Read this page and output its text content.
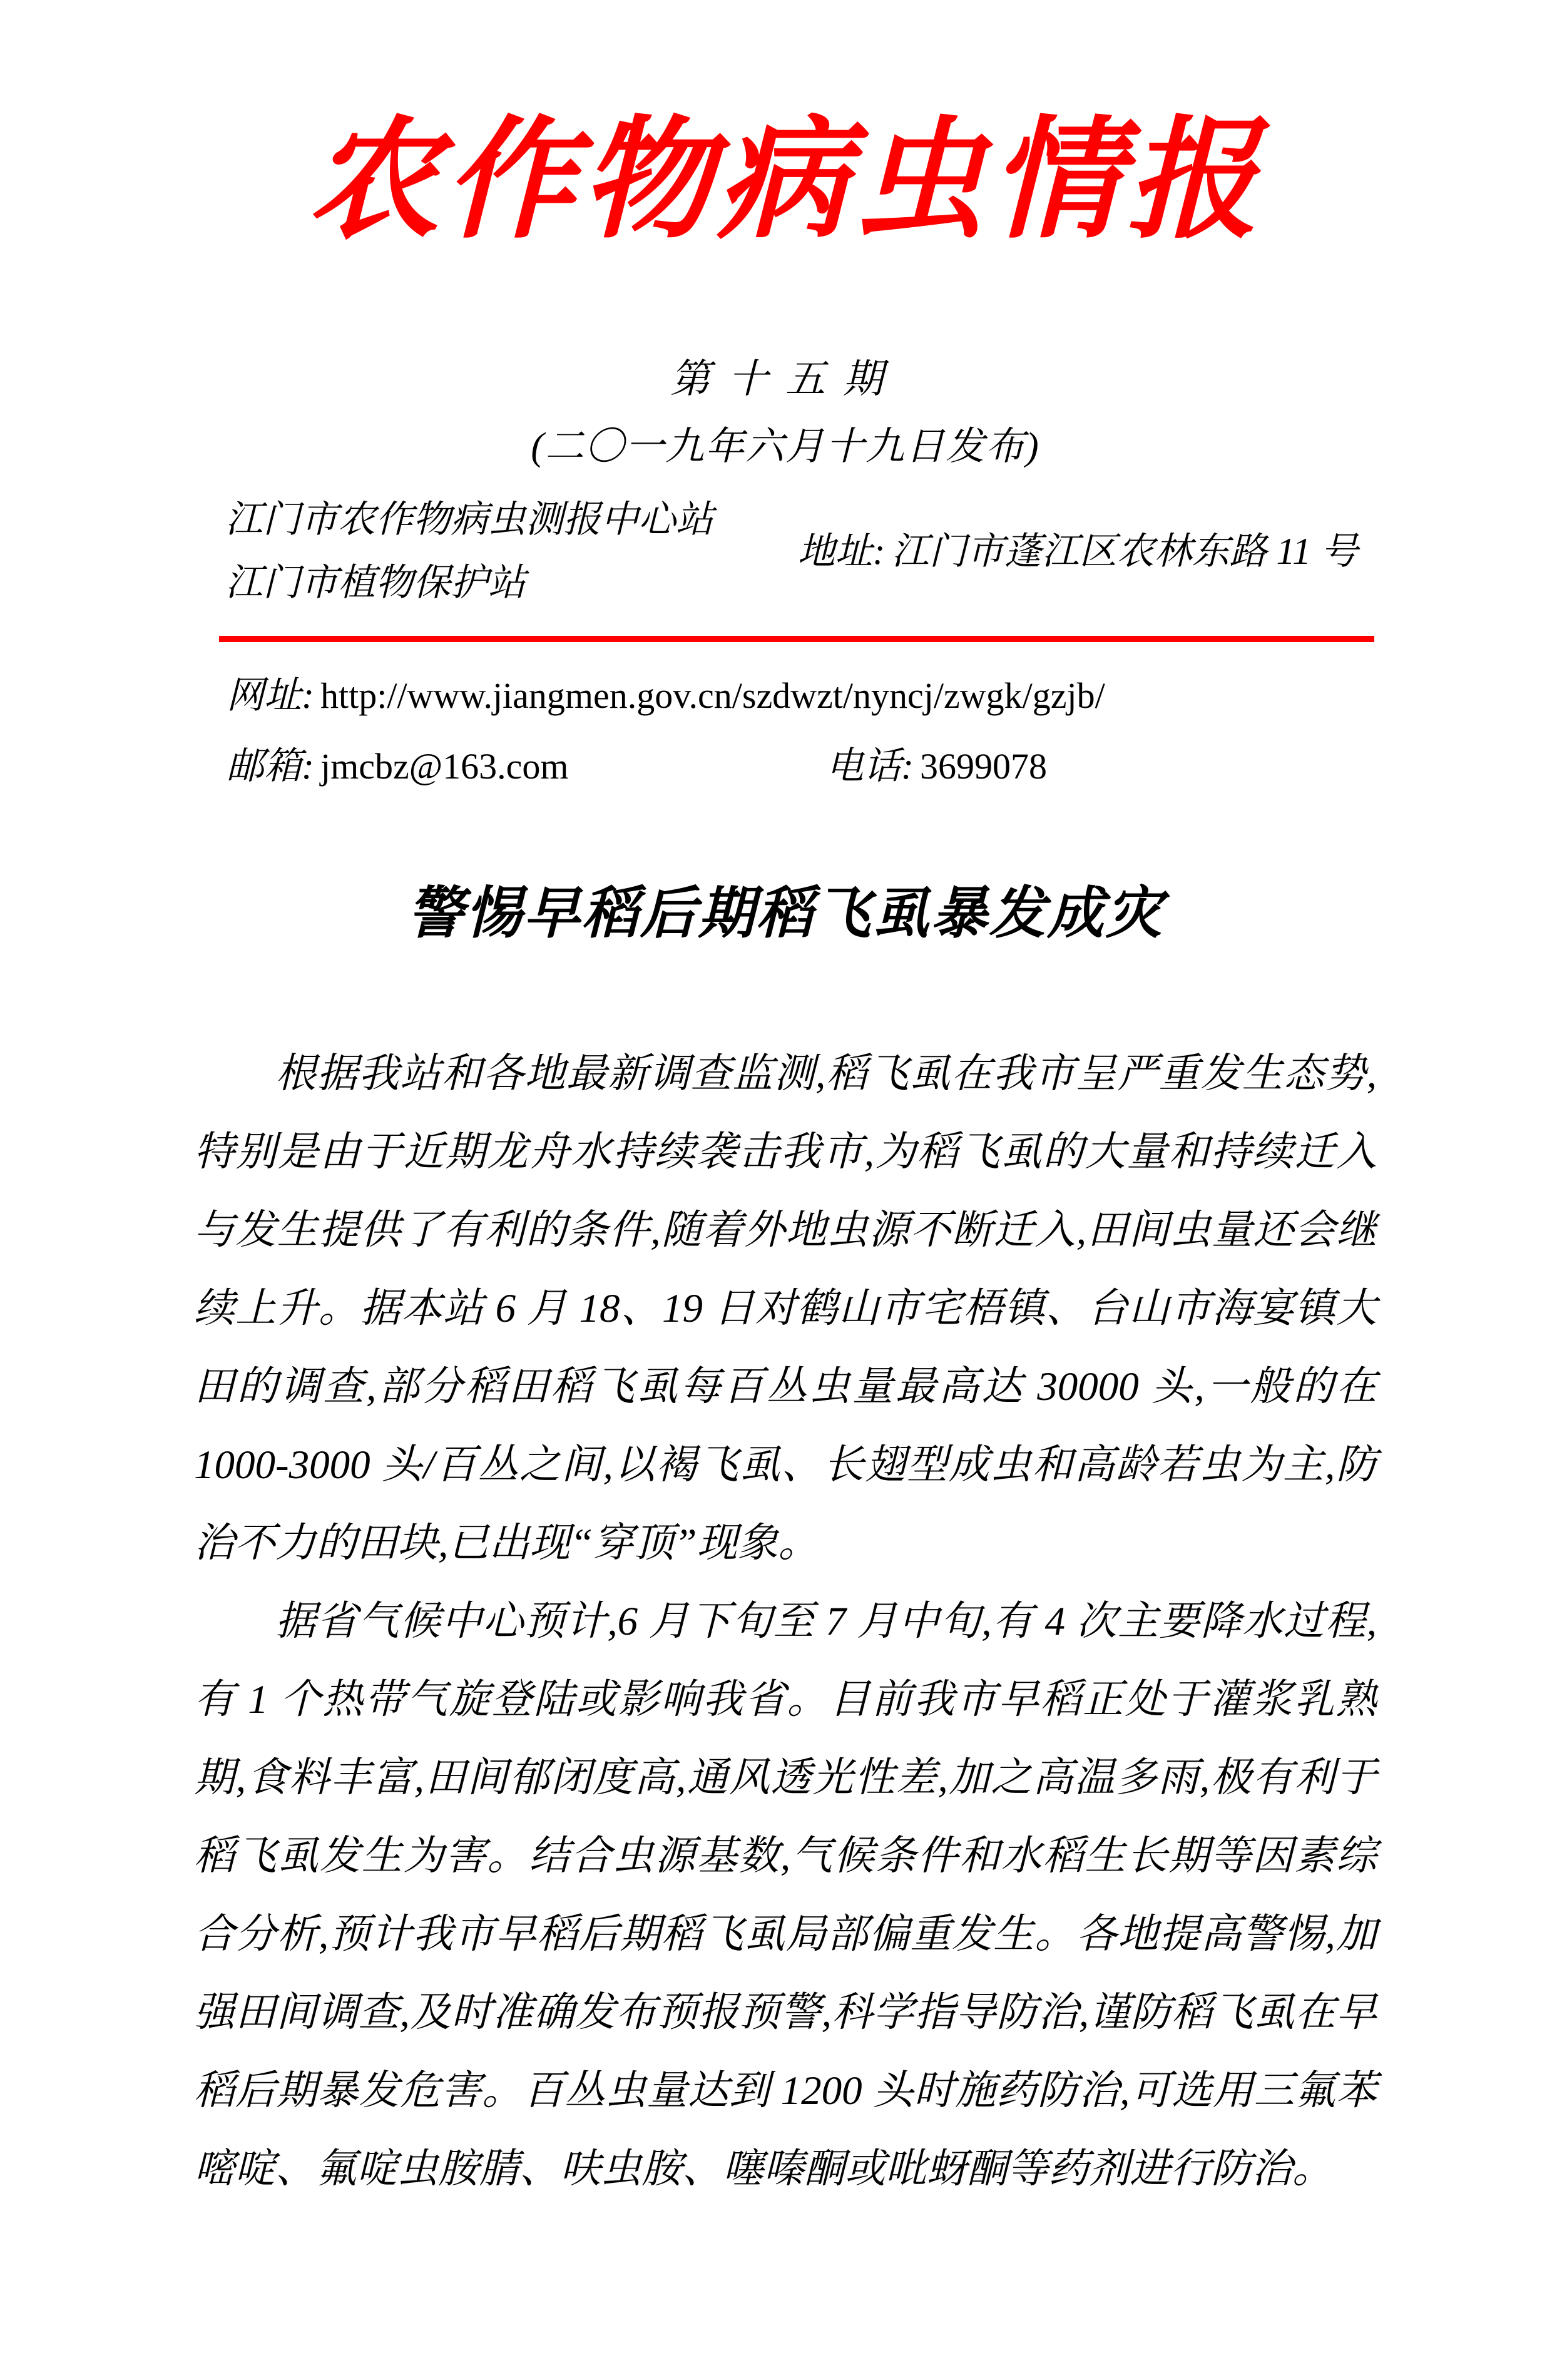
农作物病虫情报
第十五期
(二〇一九年六月十九日发布)
江门市农作物病虫测报中心站
江门市植物保护站
地址: 江门市蓬江区农林东路 11 号
网址: http://www.jiangmen.gov.cn/szdwzt/nyncj/zwgk/gzjb/
邮箱: jmcbz@163.com	电话: 3699078
警惕早稻后期稻飞虱暴发成灾

根据我站和各地最新调查监测,稻飞虱在我市呈严重发生态势,特别是由于近期龙舟水持续袭击我市,为稻飞虱的大量和持续迁入与发生提供了有利的条件,随着外地虫源不断迁入,田间虫量还会继续上升。据本站 6 月 18、19 日对鹤山市宅梧镇、台山市海宴镇大田的调查,部分稻田稻飞虱每百丛虫量最高达 30000 头,一般的在 1000-3000 头/百丛之间,以褐飞虱、长翅型成虫和高龄若虫为主,防治不力的田块,已出现“穿顶”现象。

据省气候中心预计,6 月下旬至 7 月中旬,有 4 次主要降水过程,有 1 个热带气旋登陆或影响我省。目前我市早稻正处于灌浆乳熟期,食料丰富,田间郁闭度高,通风透光性差,加之高温多雨,极有利于稻飞虱发生为害。结合虫源基数,气候条件和水稻生长期等因素综合分析,预计我市早稻后期稻飞虱局部偏重发生。各地提高警惕,加强田间调查,及时准确发布预报预警,科学指导防治,谨防稻飞虱在早稻后期暴发危害。百丛虫量达到 1200 头时施药防治,可选用三氟苯嘧啶、氟啶虫胺腈、呋虫胺、噻嗪酮或吡蚜酮等药剂进行防治。
